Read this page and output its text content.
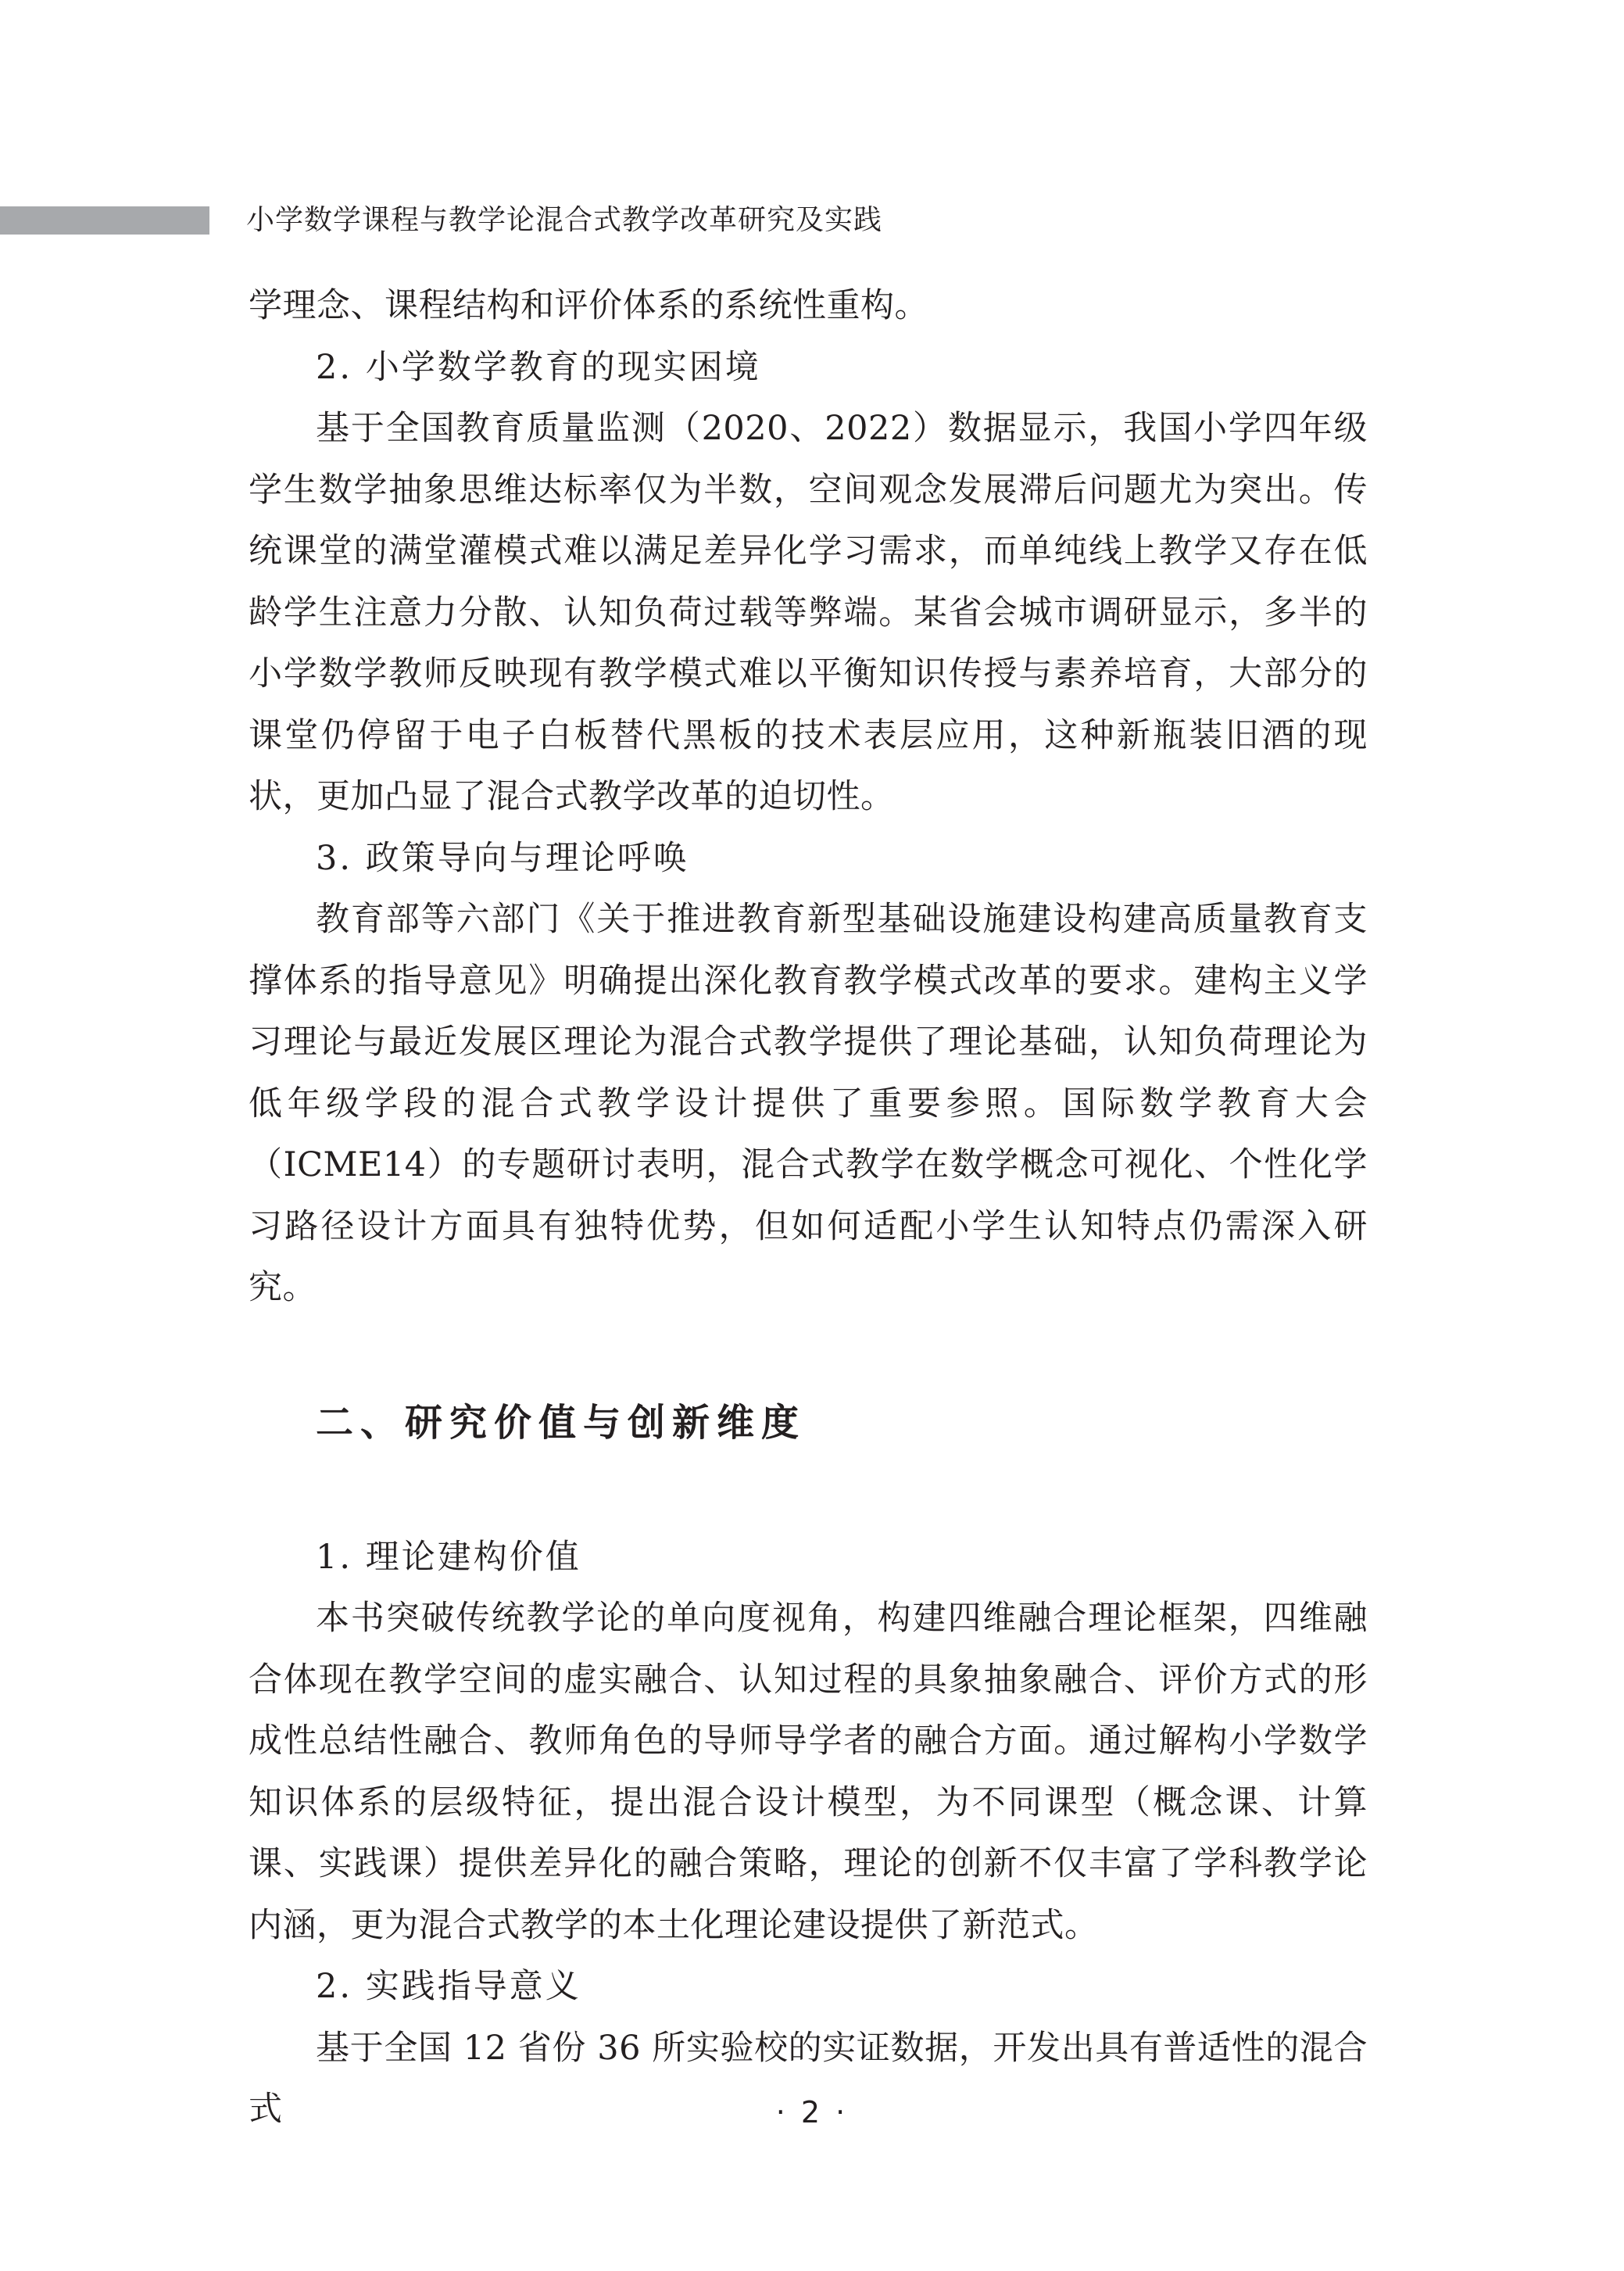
小学数学课程与教学论混合式教学改革研究及实践

学理念、课程结构和评价体系的系统性重构。

2. 小学数学教育的现实困境

基于全国教育质量监测（2020、2022）数据显示，我国小学四年级学生数学抽象思维达标率仅为半数，空间观念发展滞后问题尤为突出。传统课堂的满堂灌模式难以满足差异化学习需求，而单纯线上教学又存在低龄学生注意力分散、认知负荷过载等弊端。某省会城市调研显示，多半的小学数学教师反映现有教学模式难以平衡知识传授与素养培育，大部分的课堂仍停留于电子白板替代黑板的技术表层应用，这种新瓶装旧酒的现状，更加凸显了混合式教学改革的迫切性。

3. 政策导向与理论呼唤

教育部等六部门《关于推进教育新型基础设施建设构建高质量教育支撑体系的指导意见》明确提出深化教育教学模式改革的要求。建构主义学习理论与最近发展区理论为混合式教学提供了理论基础，认知负荷理论为低年级学段的混合式教学设计提供了重要参照。国际数学教育大会（ICME14）的专题研讨表明，混合式教学在数学概念可视化、个性化学习路径设计方面具有独特优势，但如何适配小学生认知特点仍需深入研究。

二、研究价值与创新维度

1. 理论建构价值

本书突破传统教学论的单向度视角，构建四维融合理论框架，四维融合体现在教学空间的虚实融合、认知过程的具象抽象融合、评价方式的形成性总结性融合、教师角色的导师导学者的融合方面。通过解构小学数学知识体系的层级特征，提出混合设计模型，为不同课型（概念课、计算课、实践课）提供差异化的融合策略，理论的创新不仅丰富了学科教学论内涵，更为混合式教学的本土化理论建设提供了新范式。

2. 实践指导意义

基于全国 12 省份 36 所实验校的实证数据，开发出具有普适性的混合式	· 2 ·
